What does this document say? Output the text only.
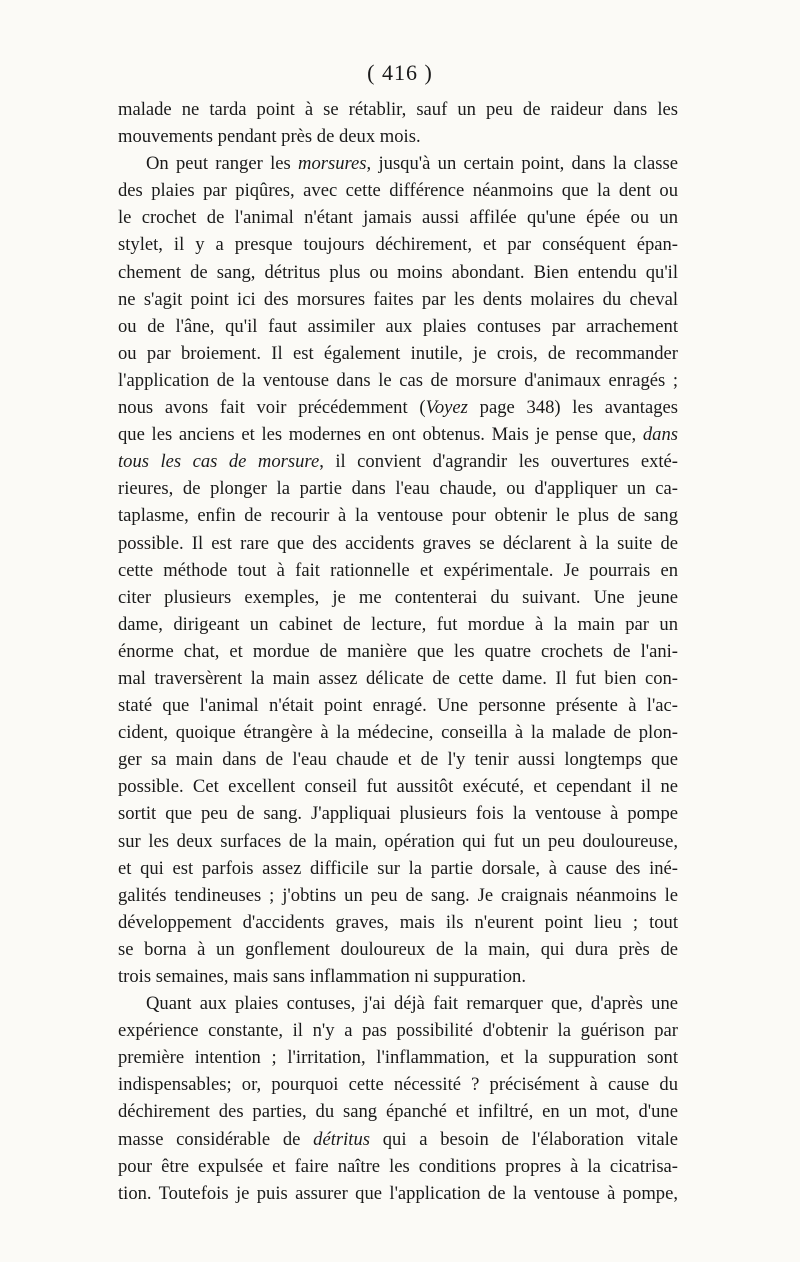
( 416 )
malade ne tarda point à se rétablir, sauf un peu de raideur dans les
mouvements pendant près de deux mois.
On peut ranger les morsures, jusqu'à un certain point, dans la classe
des plaies par piqûres, avec cette différence néanmoins que la dent ou
le crochet de l'animal n'étant jamais aussi affilée qu'une épée ou un
stylet, il y a presque toujours déchirement, et par conséquent épan-
chement de sang, détritus plus ou moins abondant. Bien entendu qu'il
ne s'agit point ici des morsures faites par les dents molaires du cheval
ou de l'âne, qu'il faut assimiler aux plaies contuses par arrachement
ou par broiement. Il est également inutile, je crois, de recommander
l'application de la ventouse dans le cas de morsure d'animaux enragés ;
nous avons fait voir précédemment (Voyez page 348) les avantages
que les anciens et les modernes en ont obtenus. Mais je pense que, dans
tous les cas de morsure, il convient d'agrandir les ouvertures exté-
rieures, de plonger la partie dans l'eau chaude, ou d'appliquer un ca-
taplasme, enfin de recourir à la ventouse pour obtenir le plus de sang
possible. Il est rare que des accidents graves se déclarent à la suite de
cette méthode tout à fait rationnelle et expérimentale. Je pourrais en
citer plusieurs exemples, je me contenterai du suivant. Une jeune
dame, dirigeant un cabinet de lecture, fut mordue à la main par un
énorme chat, et mordue de manière que les quatre crochets de l'ani-
mal traversèrent la main assez délicate de cette dame. Il fut bien con-
staté que l'animal n'était point enragé. Une personne présente à l'ac-
cident, quoique étrangère à la médecine, conseilla à la malade de plon-
ger sa main dans de l'eau chaude et de l'y tenir aussi longtemps que
possible. Cet excellent conseil fut aussitôt exécuté, et cependant il ne
sortit que peu de sang. J'appliquai plusieurs fois la ventouse à pompe
sur les deux surfaces de la main, opération qui fut un peu douloureuse,
et qui est parfois assez difficile sur la partie dorsale, à cause des iné-
galités tendineuses ; j'obtins un peu de sang. Je craignais néanmoins le
développement d'accidents graves, mais ils n'eurent point lieu ; tout
se borna à un gonflement douloureux de la main, qui dura près de
trois semaines, mais sans inflammation ni suppuration.
Quant aux plaies contuses, j'ai déjà fait remarquer que, d'après une
expérience constante, il n'y a pas possibilité d'obtenir la guérison par
première intention ; l'irritation, l'inflammation, et la suppuration sont
indispensables; or, pourquoi cette nécessité ? précisément à cause du
déchirement des parties, du sang épanché et infiltré, en un mot, d'une
masse considérable de détritus qui a besoin de l'élaboration vitale
pour être expulsée et faire naître les conditions propres à la cicatrisa-
tion. Toutefois je puis assurer que l'application de la ventouse à pompe,
